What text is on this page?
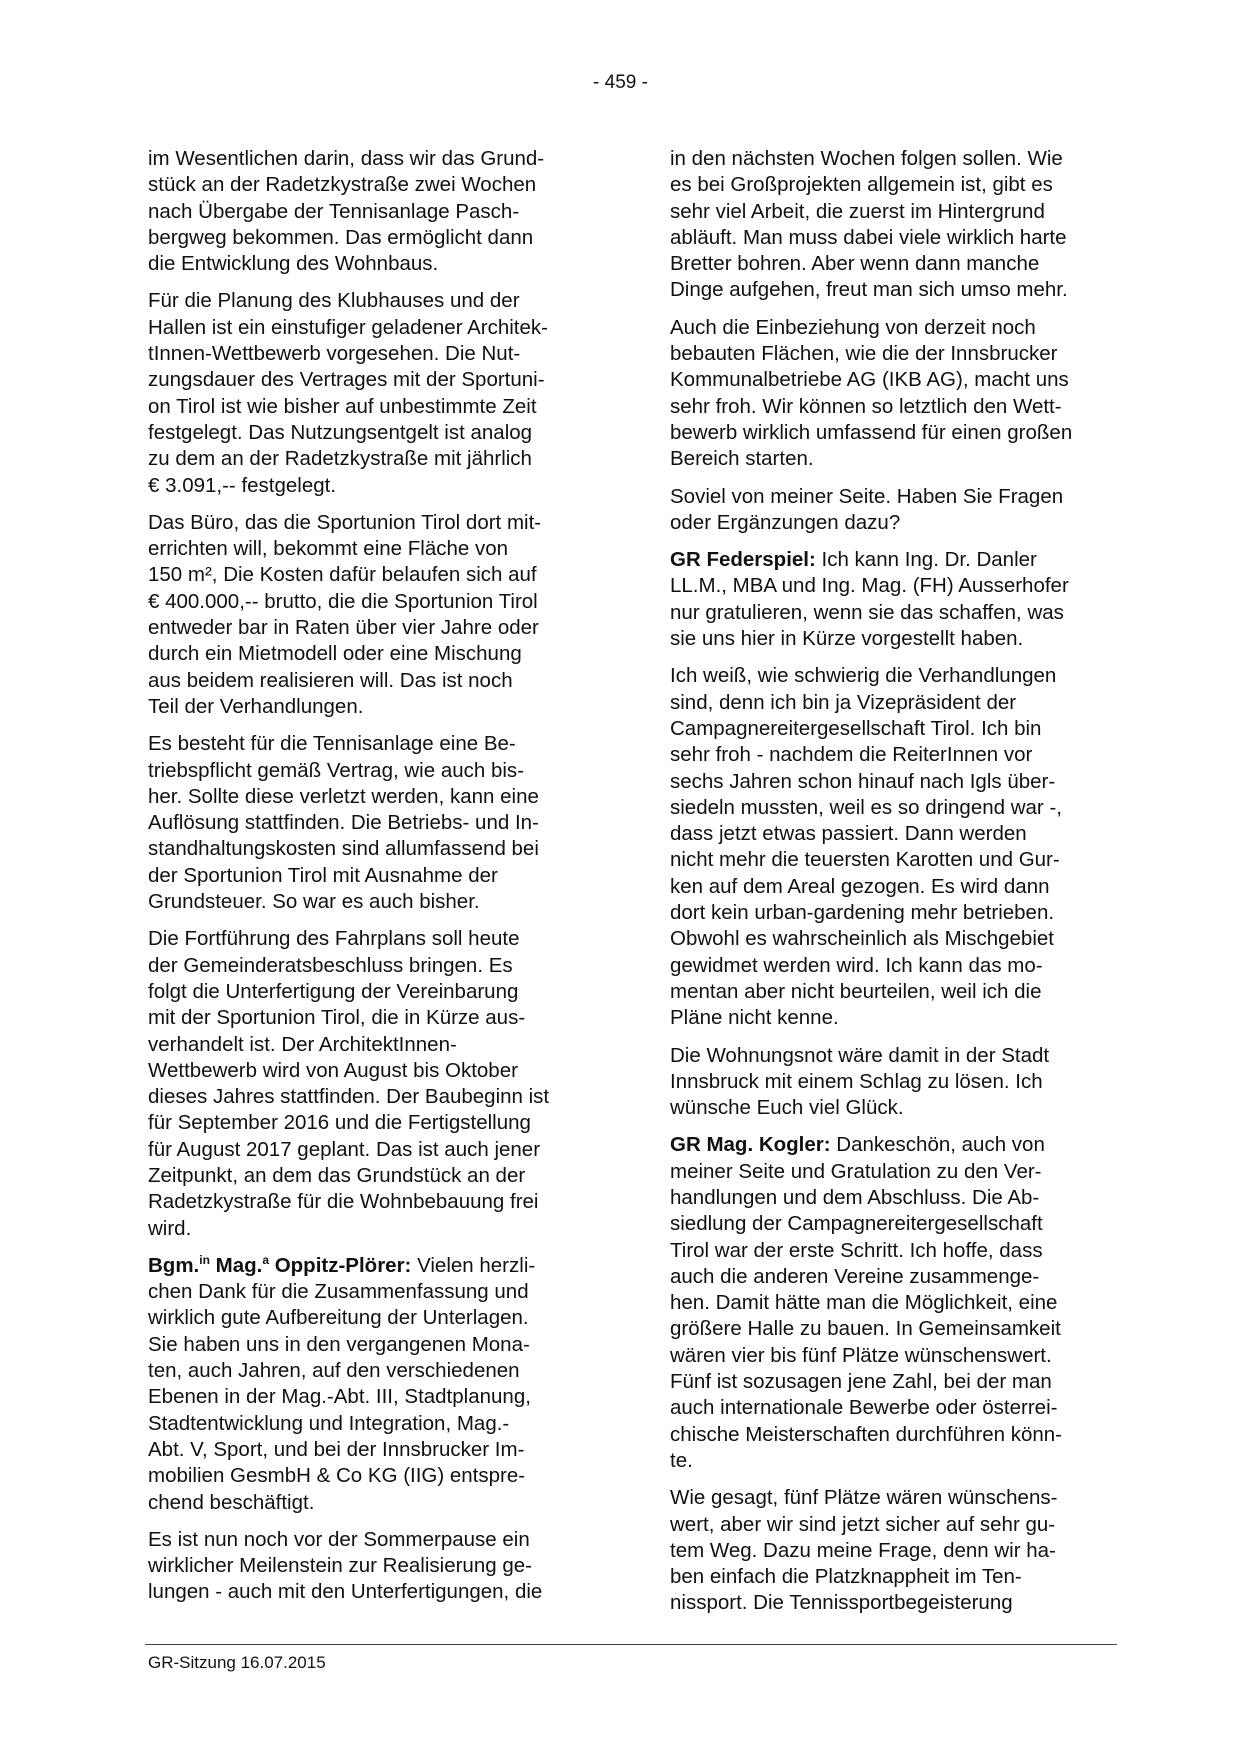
- 459 -

im Wesentlichen darin, dass wir das Grund-
stück an der Radetzkystraße zwei Wochen
nach Übergabe der Tennisanlage Pasch-
bergweg bekommen. Das ermöglicht dann
die Entwicklung des Wohnbaus.

Für die Planung des Klubhauses und der
Hallen ist ein einstufiger geladener Architek-
tInnen-Wettbewerb vorgesehen. Die Nut-
zungsdauer des Vertrages mit der Sportuni-
on Tirol ist wie bisher auf unbestimmte Zeit
festgelegt. Das Nutzungsentgelt ist analog
zu dem an der Radetzkystraße mit jährlich
€ 3.091,-- festgelegt.

Das Büro, das die Sportunion Tirol dort mit-
errichten will, bekommt eine Fläche von
150 m², Die Kosten dafür belaufen sich auf
€ 400.000,-- brutto, die die Sportunion Tirol
entweder bar in Raten über vier Jahre oder
durch ein Mietmodell oder eine Mischung
aus beidem realisieren will. Das ist noch
Teil der Verhandlungen.

Es besteht für die Tennisanlage eine Be-
triebspflicht gemäß Vertrag, wie auch bis-
her. Sollte diese verletzt werden, kann eine
Auflösung stattfinden. Die Betriebs- und In-
standhaltungskosten sind allumfassend bei
der Sportunion Tirol mit Ausnahme der
Grundsteuer. So war es auch bisher.

Die Fortführung des Fahrplans soll heute
der Gemeinderatsbeschluss bringen. Es
folgt die Unterfertigung der Vereinbarung
mit der Sportunion Tirol, die in Kürze aus-
verhandelt ist. Der ArchitektInnen-
Wettbewerb wird von August bis Oktober
dieses Jahres stattfinden. Der Baubeginn ist
für September 2016 und die Fertigstellung
für August 2017 geplant. Das ist auch jener
Zeitpunkt, an dem das Grundstück an der
Radetzkystraße für die Wohnbebauung frei
wird.

Bgm.$^{in}$ Mag.$^a$ Oppitz-Plörer: Vielen herzli-
chen Dank für die Zusammenfassung und
wirklich gute Aufbereitung der Unterlagen.
Sie haben uns in den vergangenen Mona-
ten, auch Jahren, auf den verschiedenen
Ebenen in der Mag.-Abt. III, Stadtplanung,
Stadtentwicklung und Integration, Mag.-
Abt. V, Sport, und bei der Innsbrucker Im-
mobilien GesmbH & Co KG (IIG) entspre-
chend beschäftigt.

Es ist nun noch vor der Sommerpause ein
wirklicher Meilenstein zur Realisierung ge-
lungen - auch mit den Unterfertigungen, die

in den nächsten Wochen folgen sollen. Wie
es bei Großprojekten allgemein ist, gibt es
sehr viel Arbeit, die zuerst im Hintergrund
abläuft. Man muss dabei viele wirklich harte
Bretter bohren. Aber wenn dann manche
Dinge aufgehen, freut man sich umso mehr.

Auch die Einbeziehung von derzeit noch
bebauten Flächen, wie die der Innsbrucker
Kommunalbetriebe AG (IKB AG), macht uns
sehr froh. Wir können so letztlich den Wett-
bewerb wirklich umfassend für einen großen
Bereich starten.

Soviel von meiner Seite. Haben Sie Fragen
oder Ergänzungen dazu?

GR Federspiel: Ich kann Ing. Dr. Danler
LL.M., MBA und Ing. Mag. (FH) Ausserhofer
nur gratulieren, wenn sie das schaffen, was
sie uns hier in Kürze vorgestellt haben.

Ich weiß, wie schwierig die Verhandlungen
sind, denn ich bin ja Vizepräsident der
Campagnereitergesellschaft Tirol. Ich bin
sehr froh - nachdem die ReiterInnen vor
sechs Jahren schon hinauf nach Igls über-
siedeln mussten, weil es so dringend war -,
dass jetzt etwas passiert. Dann werden
nicht mehr die teuersten Karotten und Gur-
ken auf dem Areal gezogen. Es wird dann
dort kein urban-gardening mehr betrieben.
Obwohl es wahrscheinlich als Mischgebiet
gewidmet werden wird. Ich kann das mo-
mentan aber nicht beurteilen, weil ich die
Pläne nicht kenne.

Die Wohnungsnot wäre damit in der Stadt
Innsbruck mit einem Schlag zu lösen. Ich
wünsche Euch viel Glück.

GR Mag. Kogler: Dankeschön, auch von
meiner Seite und Gratulation zu den Ver-
handlungen und dem Abschluss. Die Ab-
siedlung der Campagnereitergesellschaft
Tirol war der erste Schritt. Ich hoffe, dass
auch die anderen Vereine zusammenge-
hen. Damit hätte man die Möglichkeit, eine
größere Halle zu bauen. In Gemeinsamkeit
wären vier bis fünf Plätze wünschenswert.
Fünf ist sozusagen jene Zahl, bei der man
auch internationale Bewerbe oder österrei-
chische Meisterschaften durchführen könn-
te.

Wie gesagt, fünf Plätze wären wünschens-
wert, aber wir sind jetzt sicher auf sehr gu-
tem Weg. Dazu meine Frage, denn wir ha-
ben einfach die Platzknappheit im Ten-
nissport. Die Tennissportbegeisterung

GR-Sitzung 16.07.2015
